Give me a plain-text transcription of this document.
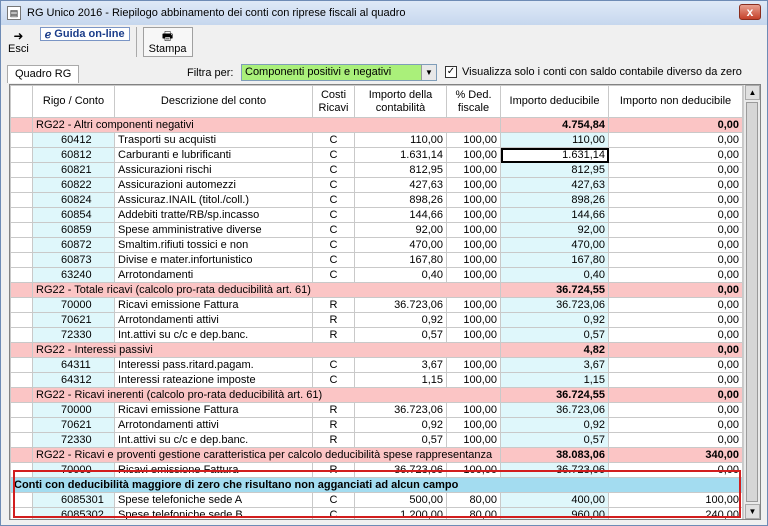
▤ RG Unico 2016 - Riepilogo abbinamento dei conti con riprese fiscali al quadro	x
➜
Esci
ℯ Guida on-line	🖶
Stampa
Quadro RG	Filtra per:	Componenti positivi e negativi	▼	✓ Visualizza solo i conti con saldo contabile diverso da zero
	Rigo / Conto	Descrizione del conto	Costi Ricavi	Importo della contabilità	% Ded. fiscale	Importo deducibile	Importo non deducibile
	RG22 - Altri componenti negativi					4.754,84	0,00
	60412	Trasporti su acquisti	C	110,00	100,00	110,00	0,00
	60812	Carburanti e lubrificanti	C	1.631,14	100,00	1.631,14	0,00
	60821	Assicurazioni rischi	C	812,95	100,00	812,95	0,00
	60822	Assicurazioni automezzi	C	427,63	100,00	427,63	0,00
	60824	Assicuraz.INAIL (titol./coll.)	C	898,26	100,00	898,26	0,00
	60854	Addebiti tratte/RB/sp.incasso	C	144,66	100,00	144,66	0,00
	60859	Spese amministrative diverse	C	92,00	100,00	92,00	0,00
	60872	Smaltim.rifiuti tossici e non	C	470,00	100,00	470,00	0,00
	60873	Divise e mater.infortunistico	C	167,80	100,00	167,80	0,00
	63240	Arrotondamenti	C	0,40	100,00	0,40	0,00
	RG22 - Totale ricavi (calcolo pro-rata deducibilità art. 61)					36.724,55	0,00
	70000	Ricavi emissione Fattura	R	36.723,06	100,00	36.723,06	0,00
	70621	Arrotondamenti attivi	R	0,92	100,00	0,92	0,00
	72330	Int.attivi su c/c e dep.banc.	R	0,57	100,00	0,57	0,00
	RG22 - Interessi passivi					4,82	0,00
	64311	Interessi pass.ritard.pagam.	C	3,67	100,00	3,67	0,00
	64312	Interessi rateazione imposte	C	1,15	100,00	1,15	0,00
	RG22 - Ricavi inerenti (calcolo pro-rata deducibilità art. 61)					36.724,55	0,00
	70000	Ricavi emissione Fattura	R	36.723,06	100,00	36.723,06	0,00
	70621	Arrotondamenti attivi	R	0,92	100,00	0,92	0,00
	72330	Int.attivi su c/c e dep.banc.	R	0,57	100,00	0,57	0,00
	RG22 - Ricavi e proventi gestione caratteristica per calcolo deducibilità spese rappresentanza					38.083,06	340,00
	70000	Ricavi emissione Fattura	R	36.723,06	100,00	36.723,06	0,00
Conti con deducibilità maggiore di zero che risultano non agganciati ad alcun campo							
	6085301	Spese telefoniche sede A	C	500,00	80,00	400,00	100,00
	6085302	Spese telefoniche sede B	C	1.200,00	80,00	960,00	240,00
▲
▼
